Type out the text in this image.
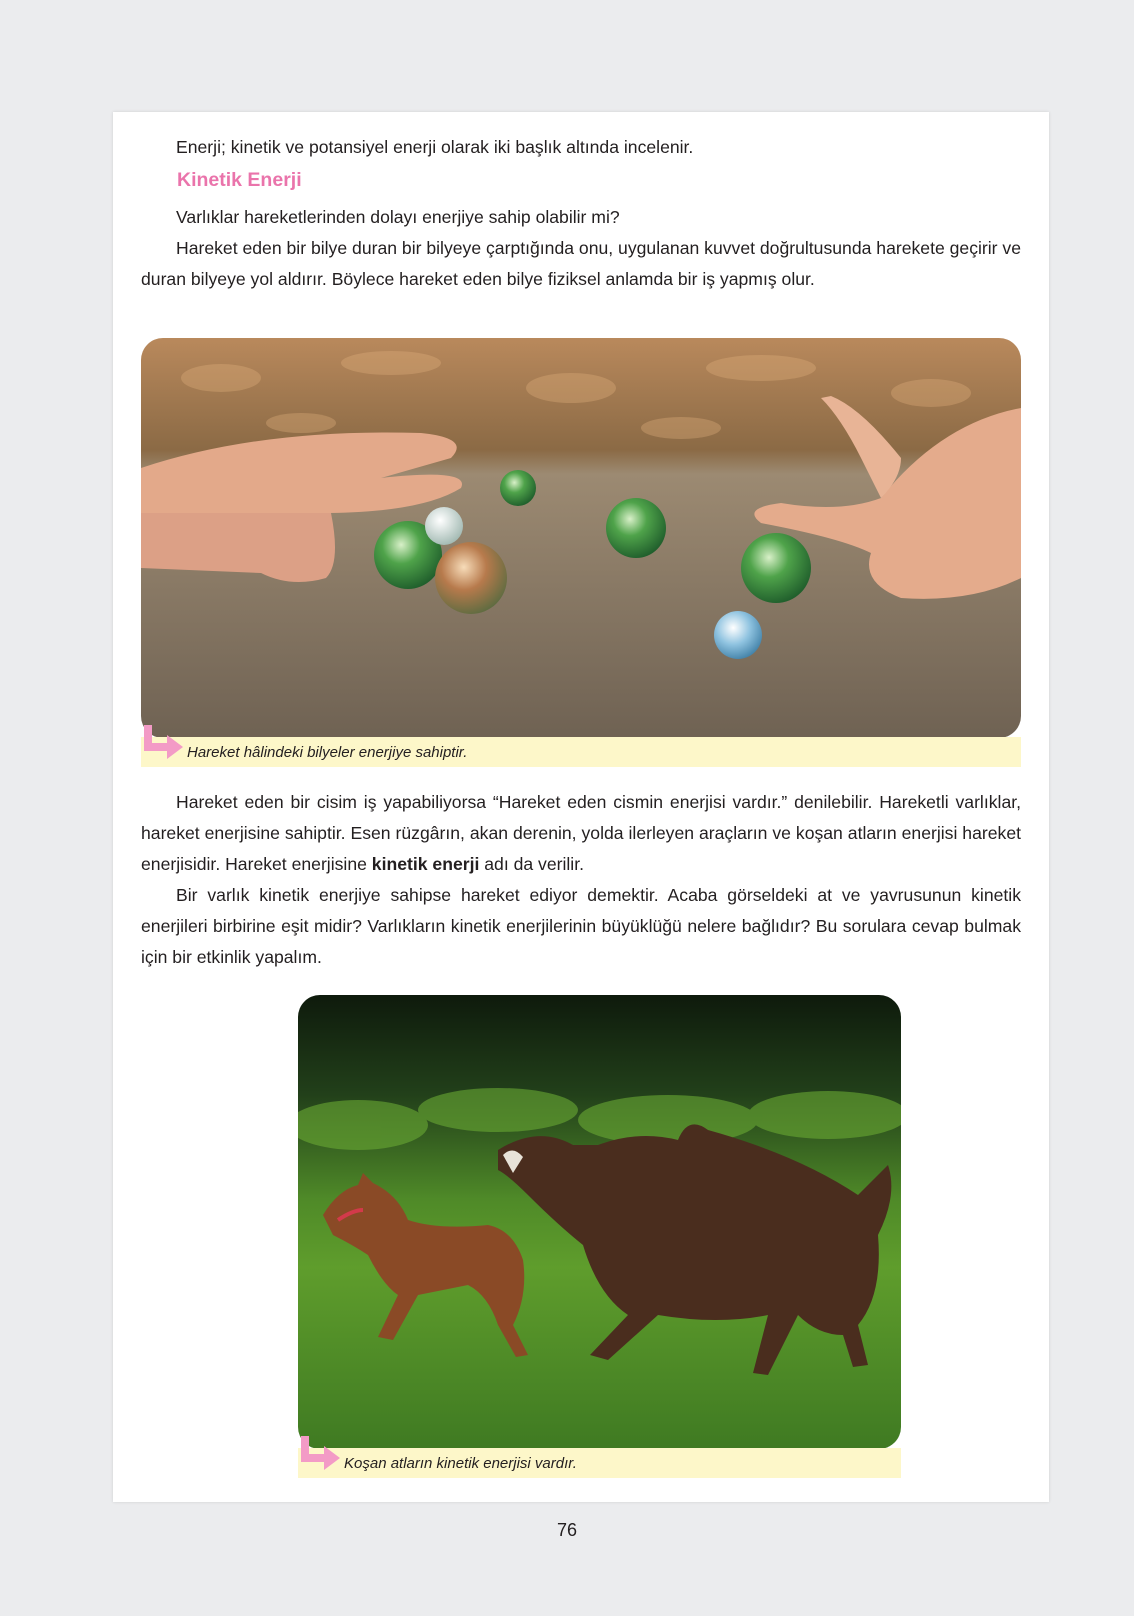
Enerji; kinetik ve potansiyel enerji olarak iki başlık altında incelenir.

Kinetik Enerji

Varlıklar hareketlerinden dolayı enerjiye sahip olabilir mi?

Hareket eden bir bilye duran bir bilyeye çarptığında onu, uygulanan kuvvet doğrultusunda harekete geçirir ve duran bilyeye yol aldırır. Böylece hareket eden bilye fiziksel anlamda bir iş yapmış olur.

Hareket hâlindeki bilyeler enerjiye sahiptir.

Hareket eden bir cisim iş yapabiliyorsa “Hareket eden cismin enerjisi vardır.” denilebilir. Hareketli varlıklar, hareket enerjisine sahiptir. Esen rüzgârın, akan derenin, yolda ilerleyen araçların ve koşan atların enerjisi hareket enerjisidir. Hareket enerjisine kinetik enerji adı da verilir.

Bir varlık kinetik enerjiye sahipse hareket ediyor demektir. Acaba görseldeki at ve yavrusunun kinetik enerjileri birbirine eşit midir? Varlıkların kinetik enerjilerinin büyüklüğü nelere bağlıdır? Bu sorulara cevap bulmak için bir etkinlik yapalım.

Koşan atların kinetik enerjisi vardır.
76
